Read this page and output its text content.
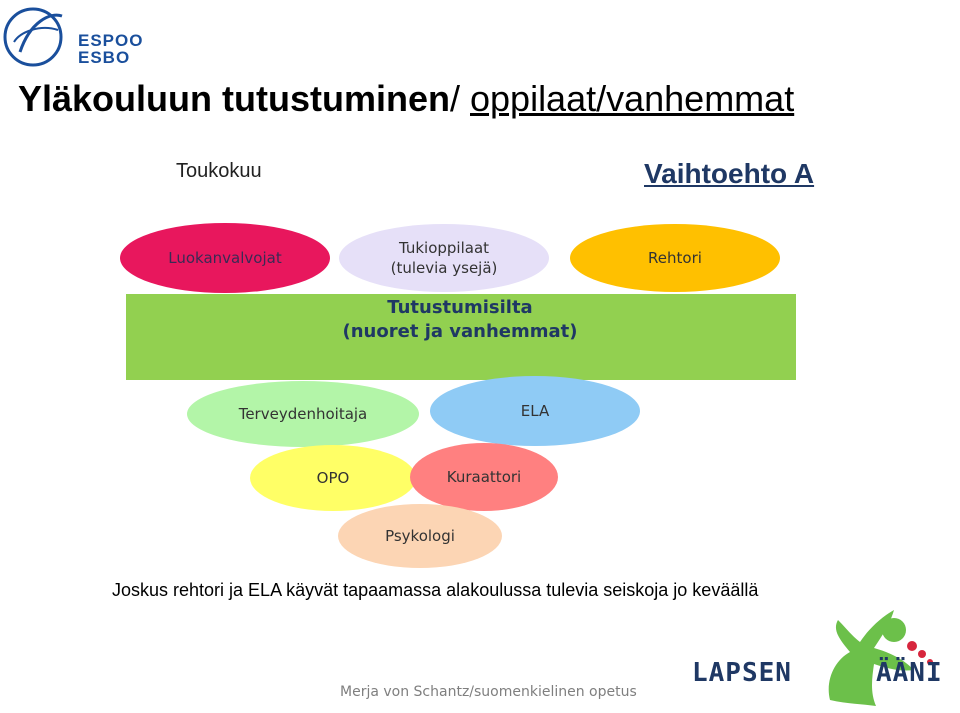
ESPOO
ESBO
Yläkouluun tutustuminen/ oppilaat/vanhemmat
Toukokuu	Vaihtoehto A
Tutustumisilta
(nuoret ja vanhemmat)
Luokanvalvojat
Tukioppilaat
(tulevia ysejä)
Rehtori
Terveydenhoitaja	ELA
OPO	Kuraattori
Psykologi
Joskus rehtori ja ELA käyvät tapaamassa alakoulussa tulevia seiskoja jo keväällä
Merja von Schantz/suomenkielinen opetus
LAPSEN	ÄÄNI
